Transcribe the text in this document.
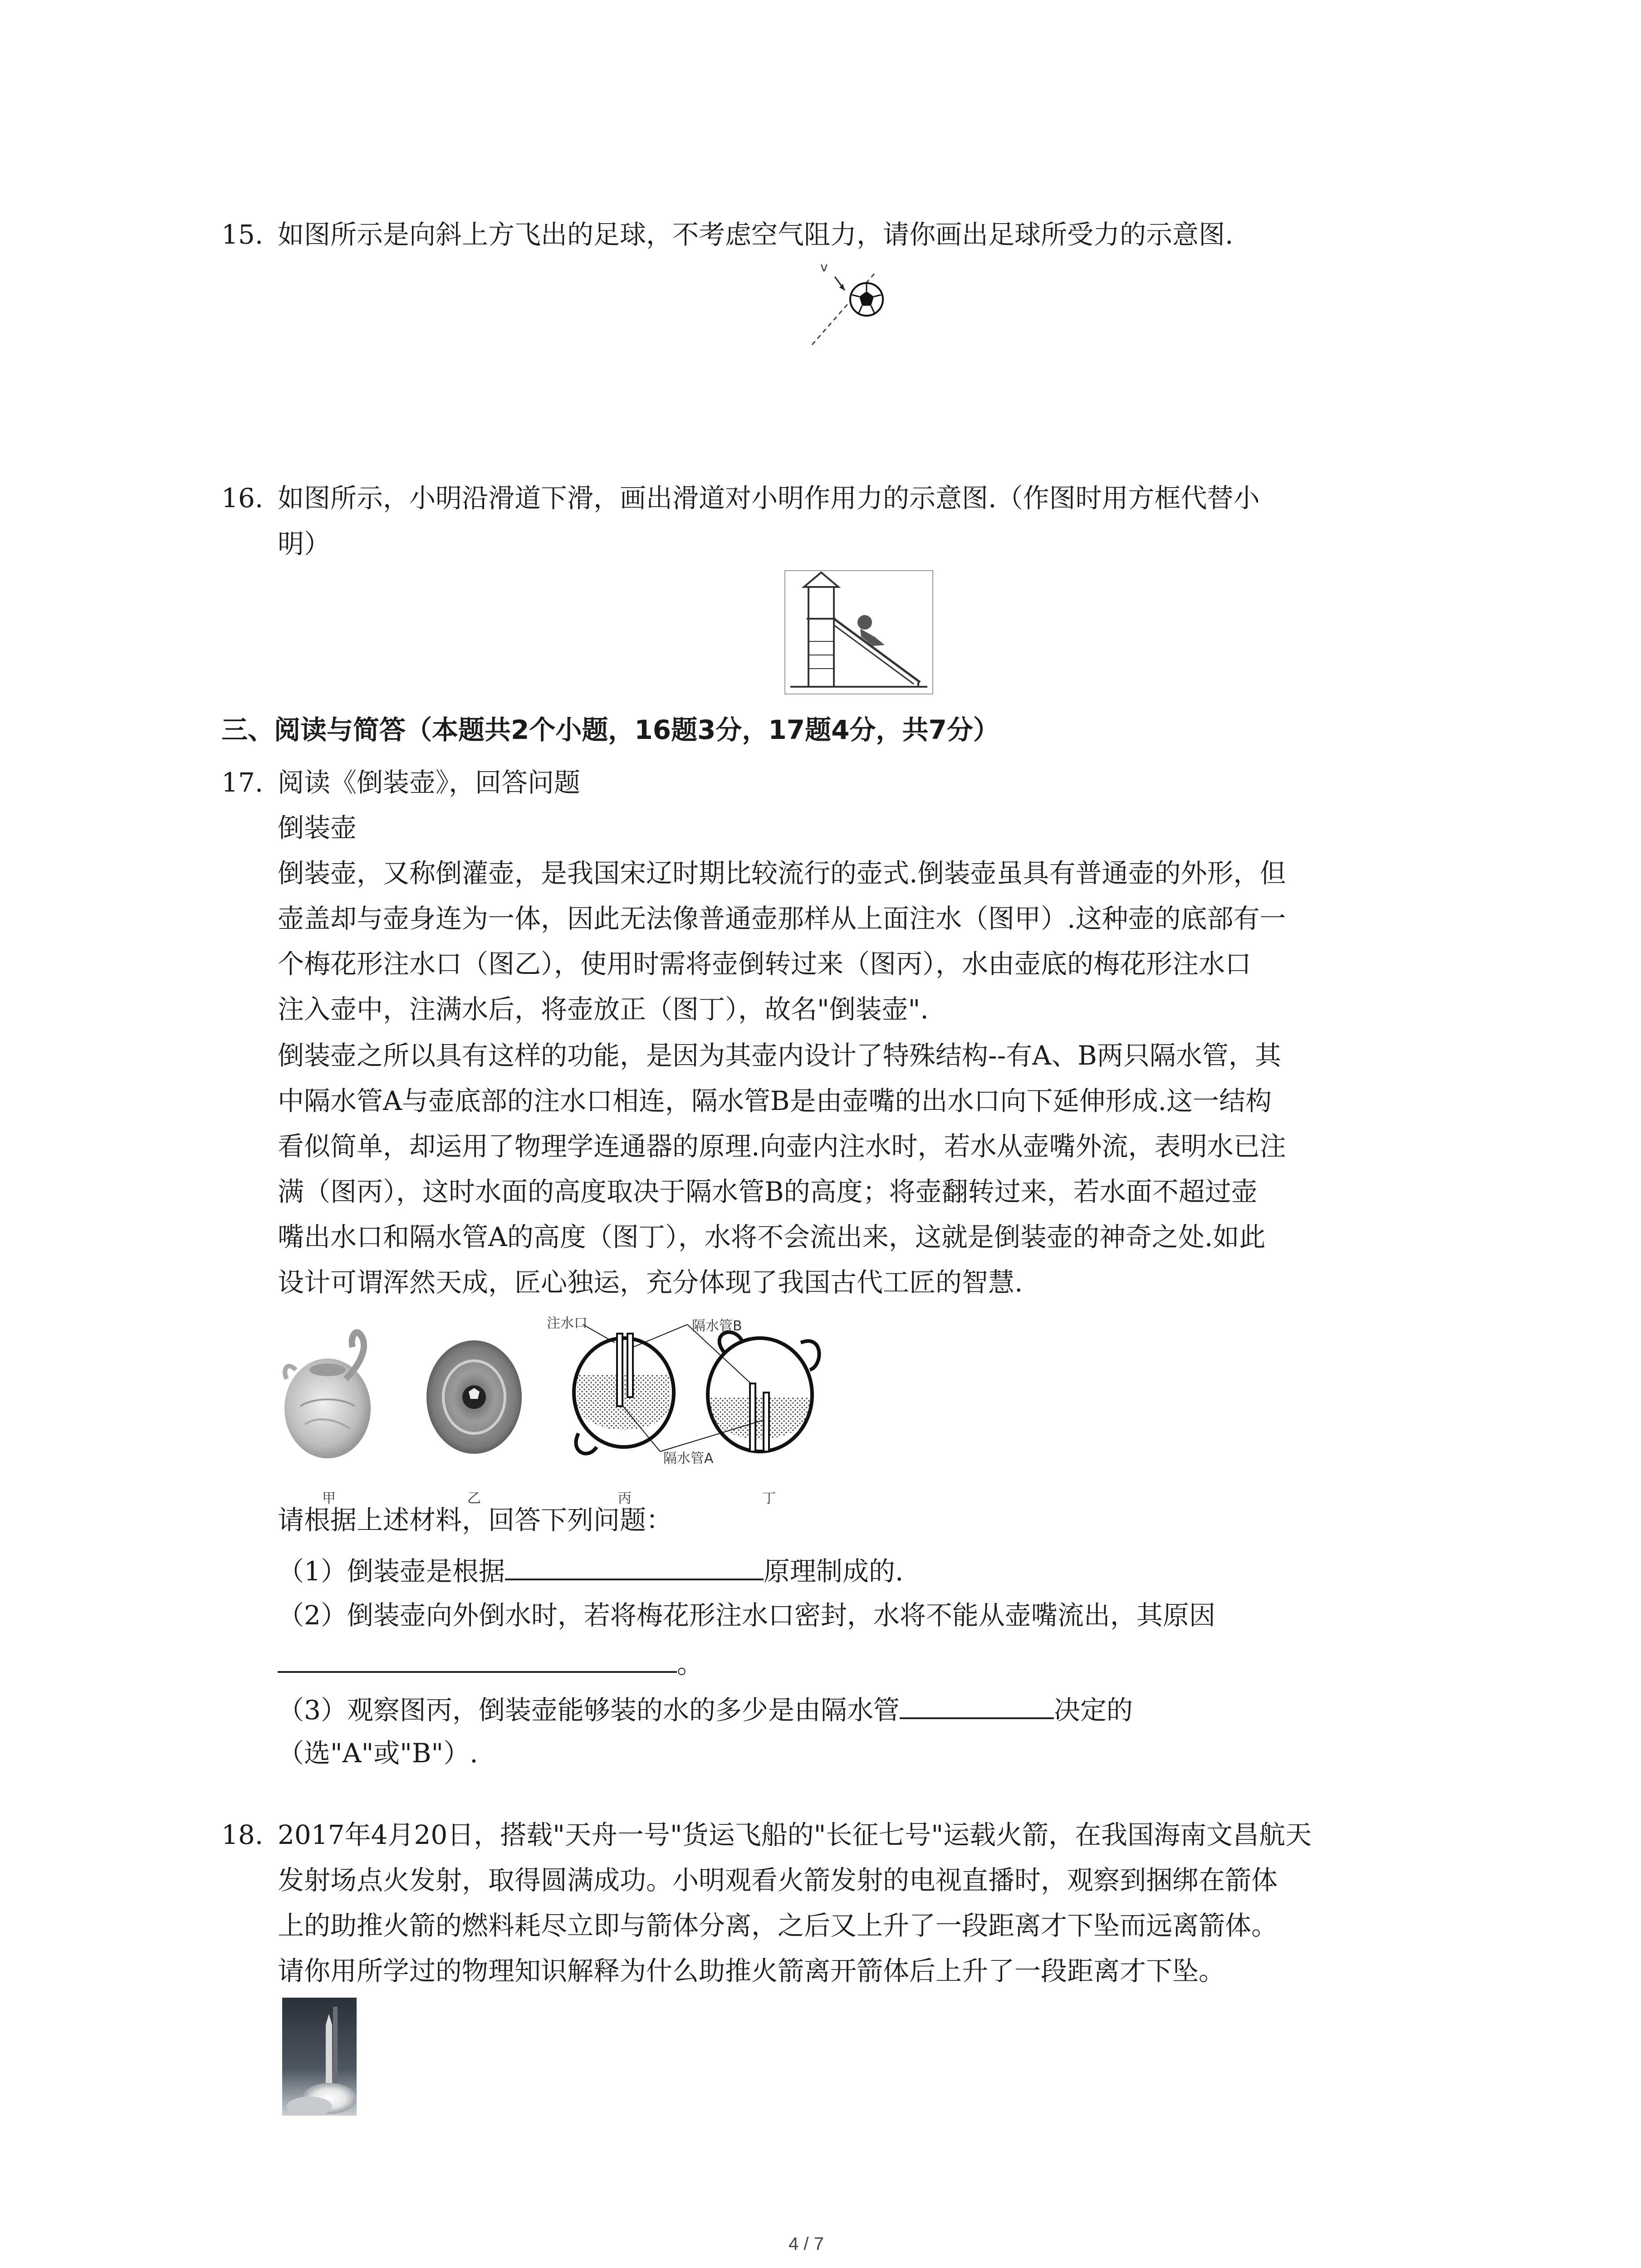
15. 如图所示是向斜上方飞出的足球，不考虑空气阻力，请你画出足球所受力的示意图.
v
16. 如图所示，小明沿滑道下滑，画出滑道对小明作用力的示意图.（作图时用方框代替小
明）
三、阅读与简答（本题共2个小题，16题3分，17题4分，共7分）
17. 阅读《倒装壶》，回答问题
倒装壶
倒装壶，又称倒灌壶，是我国宋辽时期比较流行的壶式.倒装壶虽具有普通壶的外形，但
壶盖却与壶身连为一体，因此无法像普通壶那样从上面注水（图甲）.这种壶的底部有一
个梅花形注水口（图乙），使用时需将壶倒转过来（图丙），水由壶底的梅花形注水口
注入壶中，注满水后，将壶放正（图丁），故名"倒装壶".
倒装壶之所以具有这样的功能，是因为其壶内设计了特殊结构--有A、B两只隔水管，其
中隔水管A与壶底部的注水口相连，隔水管B是由壶嘴的出水口向下延伸形成.这一结构
看似简单，却运用了物理学连通器的原理.向壶内注水时，若水从壶嘴外流，表明水已注
满（图丙），这时水面的高度取决于隔水管B的高度；将壶翻转过来，若水面不超过壶
嘴出水口和隔水管A的高度（图丁），水将不会流出来，这就是倒装壶的神奇之处.如此
设计可谓浑然天成，匠心独运，充分体现了我国古代工匠的智慧.
注水口	隔水管B
隔水管A
甲	乙	丙	丁
请根据上述材料，回答下列问题：
（1）倒装壶是根据	原理制成的.
（2）倒装壶向外倒水时，若将梅花形注水口密封，水将不能从壶嘴流出，其原因
。
（3）观察图丙，倒装壶能够装的水的多少是由隔水管	决定的
（选"A"或"B"）.
18. 2017年4月20日，搭载"天舟一号"货运飞船的"长征七号"运载火箭，在我国海南文昌航天
发射场点火发射，取得圆满成功。小明观看火箭发射的电视直播时，观察到捆绑在箭体
上的助推火箭的燃料耗尽立即与箭体分离，之后又上升了一段距离才下坠而远离箭体。
请你用所学过的物理知识解释为什么助推火箭离开箭体后上升了一段距离才下坠。
4 / 7
